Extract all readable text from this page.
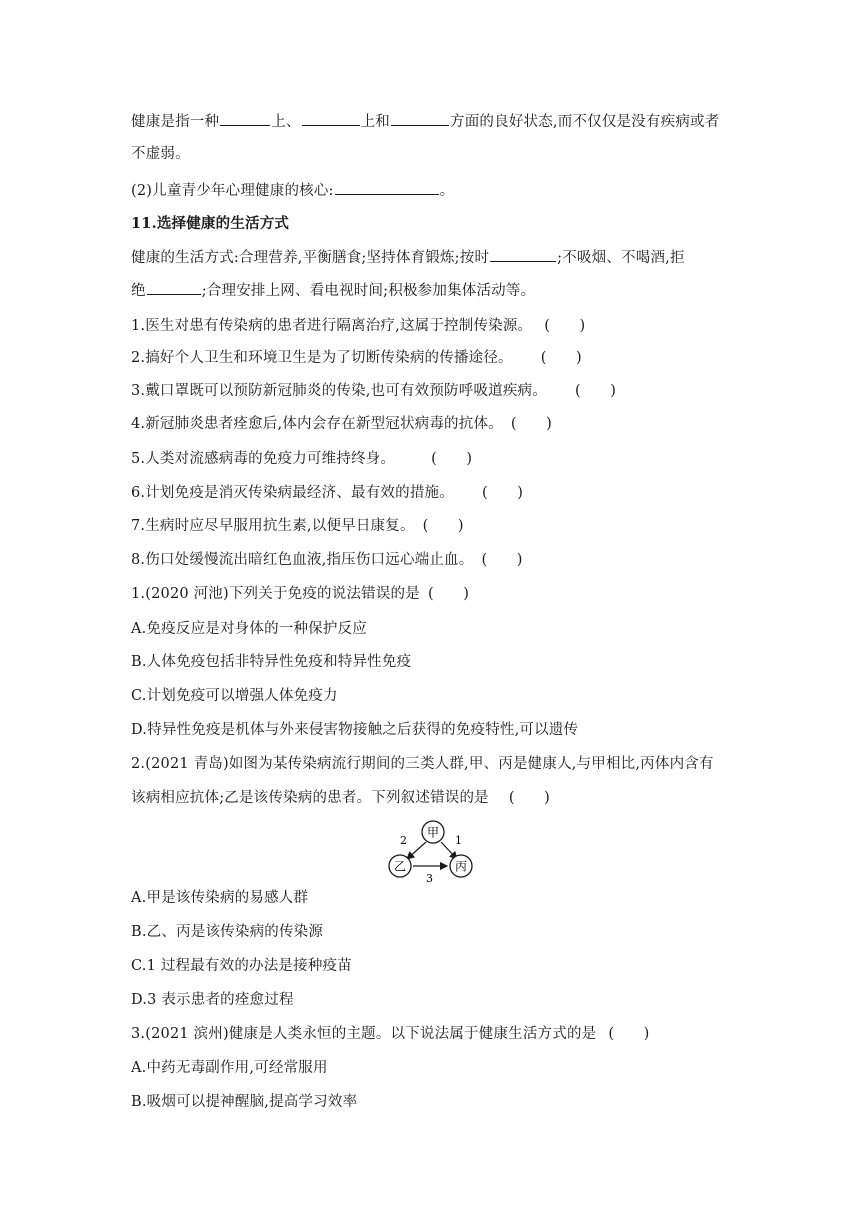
健康是指一种	上、	上和	方面的良好状态,而不仅仅是没有疾病或者
不虚弱。
(2)儿童青少年心理健康的核心:	。
11.选择健康的生活方式
健康的生活方式:合理营养,平衡膳食;坚持体育锻炼;按时	;不吸烟、不喝酒,拒
绝	;合理安排上网、看电视时间;积极参加集体活动等。
1.医生对患有传染病的患者进行隔离治疗,这属于控制传染源。 (　　)
2.搞好个人卫生和环境卫生是为了切断传染病的传播途径。 (　　)
3.戴口罩既可以预防新冠肺炎的传染,也可有效预防呼吸道疾病。 (　　)
4.新冠肺炎患者痊愈后,体内会存在新型冠状病毒的抗体。 (　　)
5.人类对流感病毒的免疫力可维持终身。 (　　)
6.计划免疫是消灭传染病最经济、最有效的措施。 (　　)
7.生病时应尽早服用抗生素,以便早日康复。 (　　)
8.伤口处缓慢流出暗红色血液,指压伤口远心端止血。 (　　)
1.(2020 河池)下列关于免疫的说法错误的是 (　　)
A.免疫反应是对身体的一种保护反应
B.人体免疫包括非特异性免疫和特异性免疫
C.计划免疫可以增强人体免疫力
D.特异性免疫是机体与外来侵害物接触之后获得的免疫特性,可以遗传
2.(2021 青岛)如图为某传染病流行期间的三类人群,甲、丙是健康人,与甲相比,丙体内含有
该病相应抗体;乙是该传染病的患者。下列叙述错误的是 (　　)
甲
乙	丙
1
2
3
A.甲是该传染病的易感人群
B.乙、丙是该传染病的传染源
C.1 过程最有效的办法是接种疫苗
D.3 表示患者的痊愈过程
3.(2021 滨州)健康是人类永恒的主题。以下说法属于健康生活方式的是 (　　)
A.中药无毒副作用,可经常服用
B.吸烟可以提神醒脑,提高学习效率
